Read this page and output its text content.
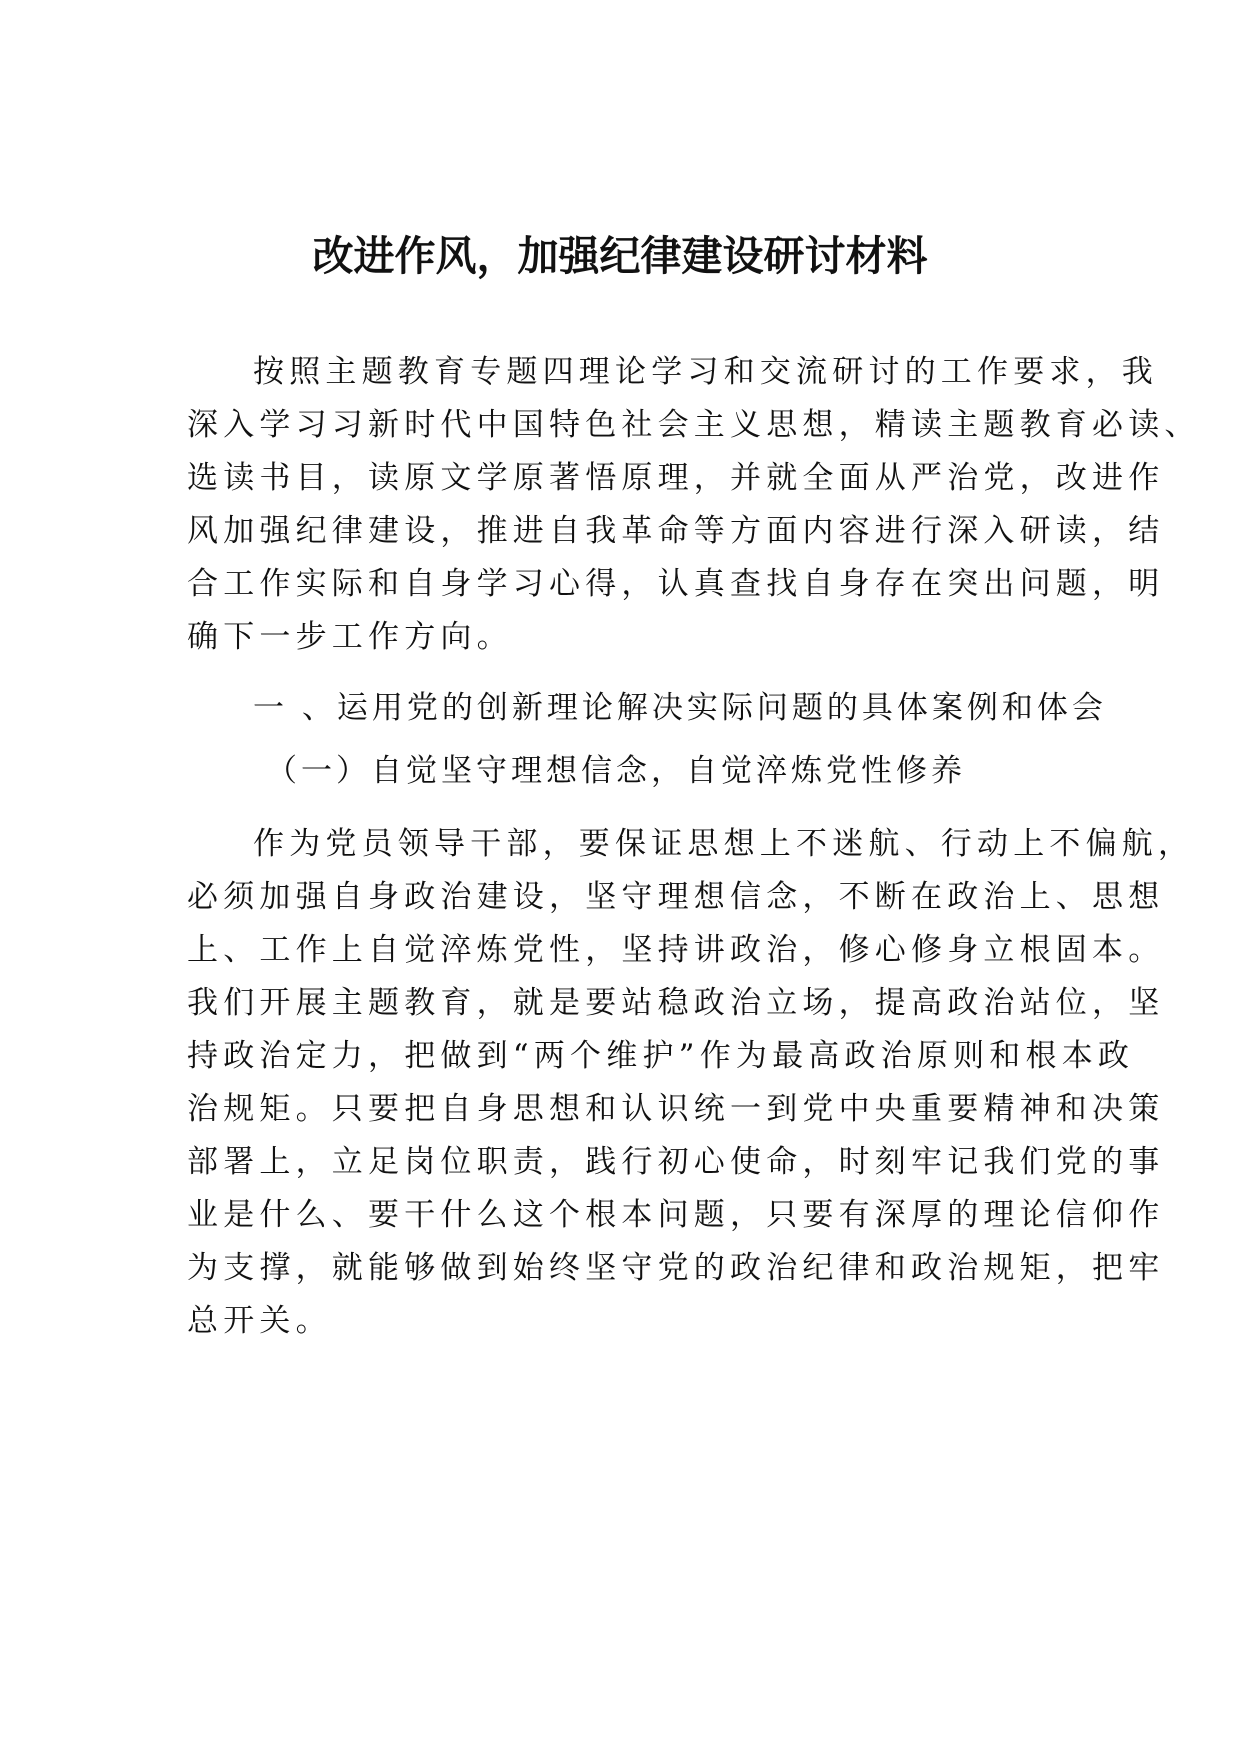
改进作风，加强纪律建设研讨材料
按照主题教育专题四理论学习和交流研讨的工作要求，我
深入学习习新时代中国特色社会主义思想，精读主题教育必读、
选读书目，读原文学原著悟原理，并就全面从严治党，改进作
风加强纪律建设，推进自我革命等方面内容进行深入研读，结
合工作实际和自身学习心得，认真查找自身存在突出问题，明
确下一步工作方向。
一 、运用党的创新理论解决实际问题的具体案例和体会
（一）自觉坚守理想信念，自觉淬炼党性修养
作为党员领导干部，要保证思想上不迷航、行动上不偏航，
必须加强自身政治建设，坚守理想信念，不断在政治上、思想
上、工作上自觉淬炼党性，坚持讲政治，修心修身立根固本。
我们开展主题教育，就是要站稳政治立场，提高政治站位，坚
持政治定力，把做到“两个维护”作为最高政治原则和根本政
治规矩。只要把自身思想和认识统一到党中央重要精神和决策
部署上，立足岗位职责，践行初心使命，时刻牢记我们党的事
业是什么、要干什么这个根本问题，只要有深厚的理论信仰作
为支撑，就能够做到始终坚守党的政治纪律和政治规矩，把牢
总开关。
